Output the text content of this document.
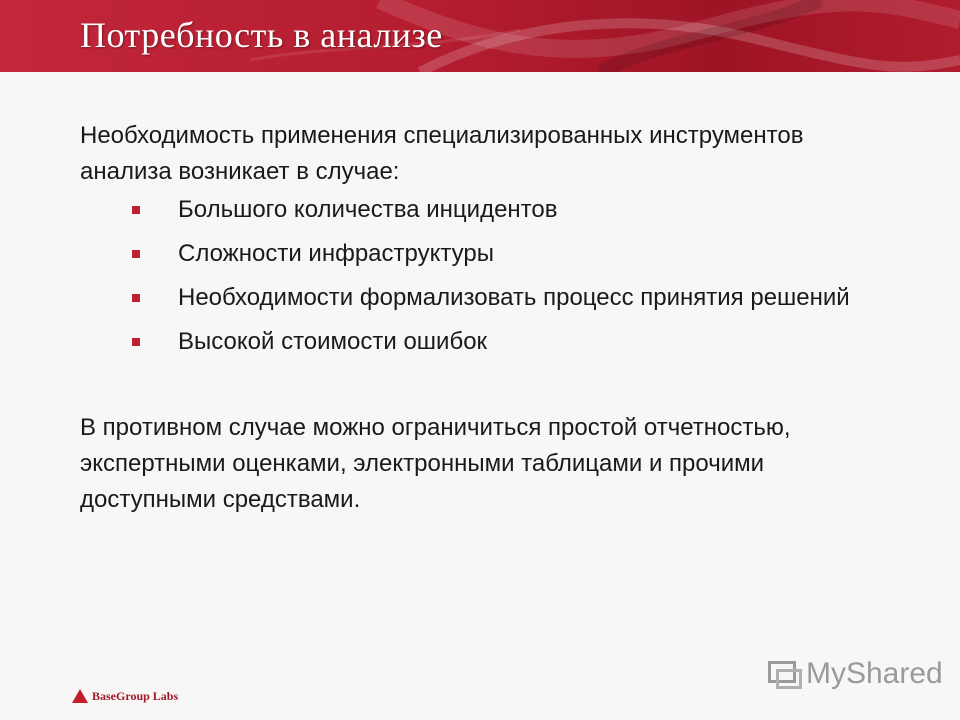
Потребность в анализе

Необходимость применения специализированных инструментов анализа возникает в случае:

Большого количества инцидентов
Сложности инфраструктуры
Необходимости формализовать процесс принятия решений
Высокой стоимости ошибок

В противном случае можно ограничиться простой отчетностью, экспертными оценками, электронными таблицами и прочими доступными средствами.

BaseGroup Labs
MyShared
